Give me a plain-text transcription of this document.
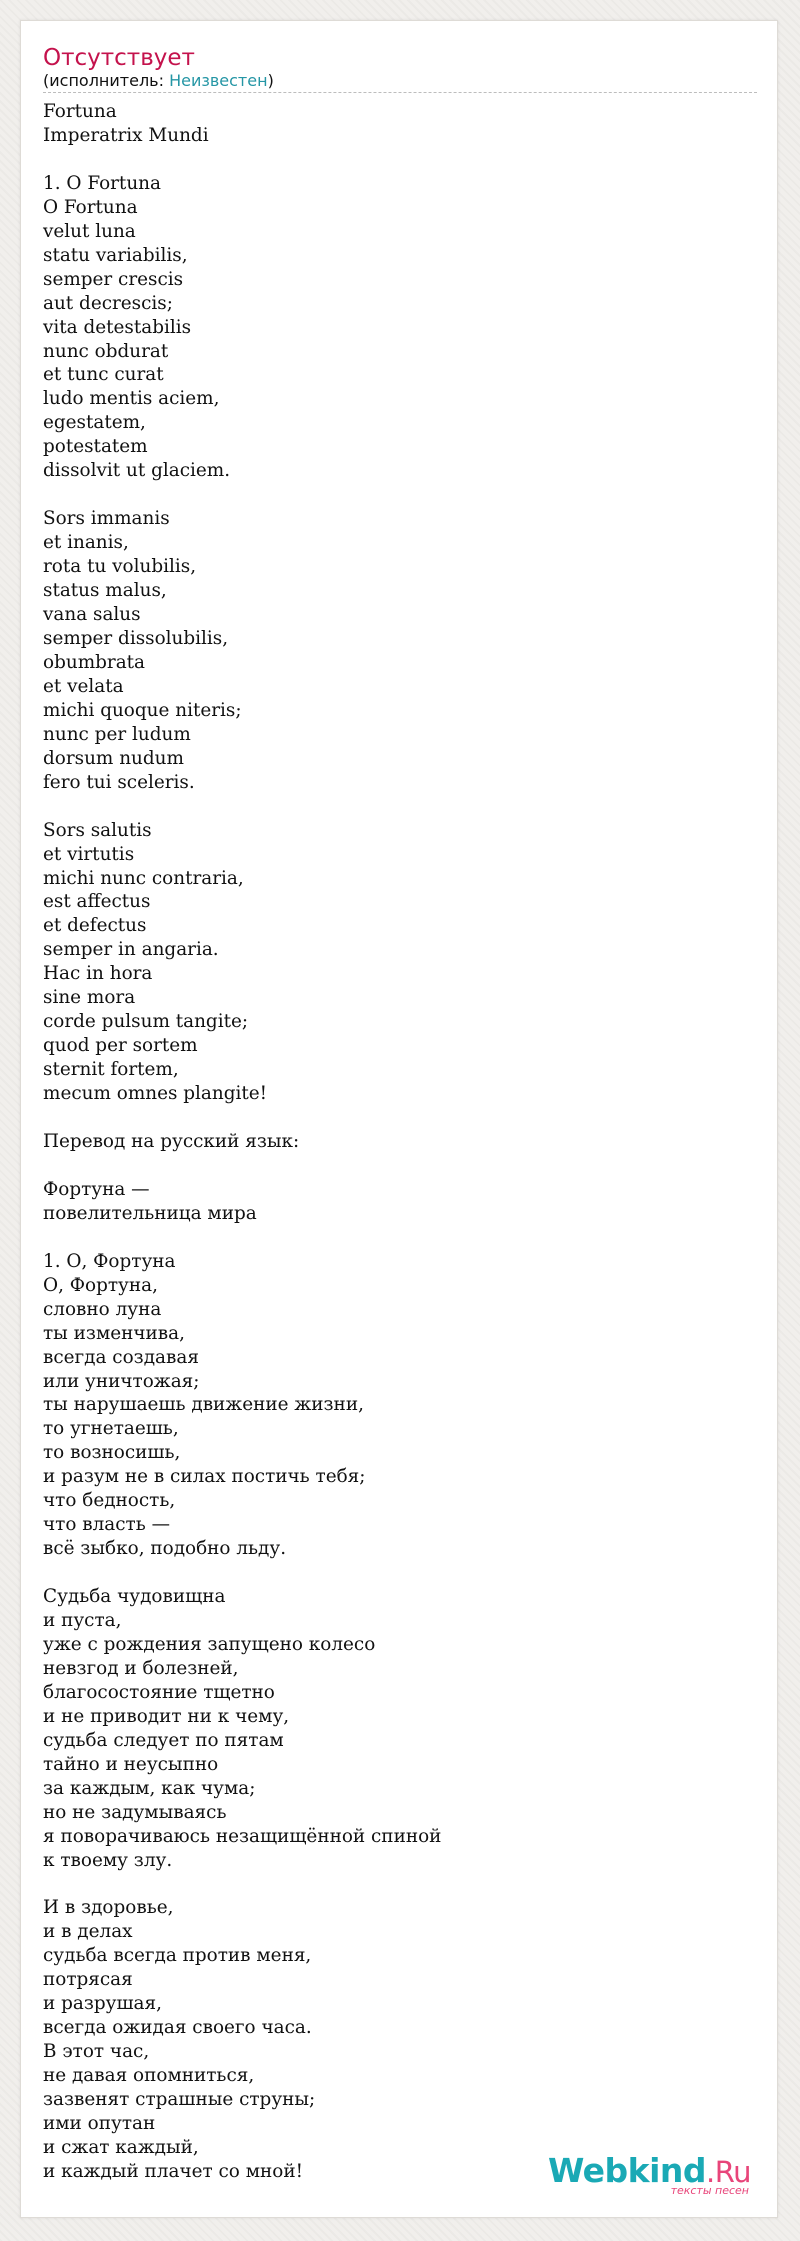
Отсутствует
(исполнитель: Неизвестен)
Fortuna
Imperatrix Mundi

1. O Fortuna
O Fortuna
velut luna
statu variabilis,
semper crescis
aut decrescis;
vita detestabilis
nunc obdurat
et tunc curat
ludo mentis aciem,
egestatem,
potestatem
dissolvit ut glaciem.

Sors immanis
et inanis,
rota tu volubilis,
status malus,
vana salus
semper dissolubilis,
obumbrata
et velata
michi quoque niteris;
nunc per ludum
dorsum nudum
fero tui sceleris.

Sors salutis
et virtutis
michi nunc contraria,
est affectus
et defectus
semper in angaria.
Hac in hora
sine mora
corde pulsum tangite;
quod per sortem
sternit fortem,
mecum omnes plangite!

Перевод на русский язык:

Фортуна —
повелительница мира

1. О, Фортуна
О, Фортуна,
словно луна
ты изменчива,
всегда создавая
или уничтожая;
ты нарушаешь движение жизни,
то угнетаешь,
то возносишь,
и разум не в силах постичь тебя;
что бедность,
что власть —
всё зыбко, подобно льду.

Судьба чудовищна
и пуста,
уже с рождения запущено колесо
невзгод и болезней,
благосостояние тщетно
и не приводит ни к чему,
судьба следует по пятам
тайно и неусыпно
за каждым, как чума;
но не задумываясь
я поворачиваюсь незащищённой спиной
к твоему злу.

И в здоровье,
и в делах
судьба всегда против меня,
потрясая
и разрушая,
всегда ожидая своего часа.
В этот час,
не давая опомниться,
зазвенят страшные струны;
ими опутан
и сжат каждый,
и каждый плачет со мной!	Webkind.Ru
тексты песен
